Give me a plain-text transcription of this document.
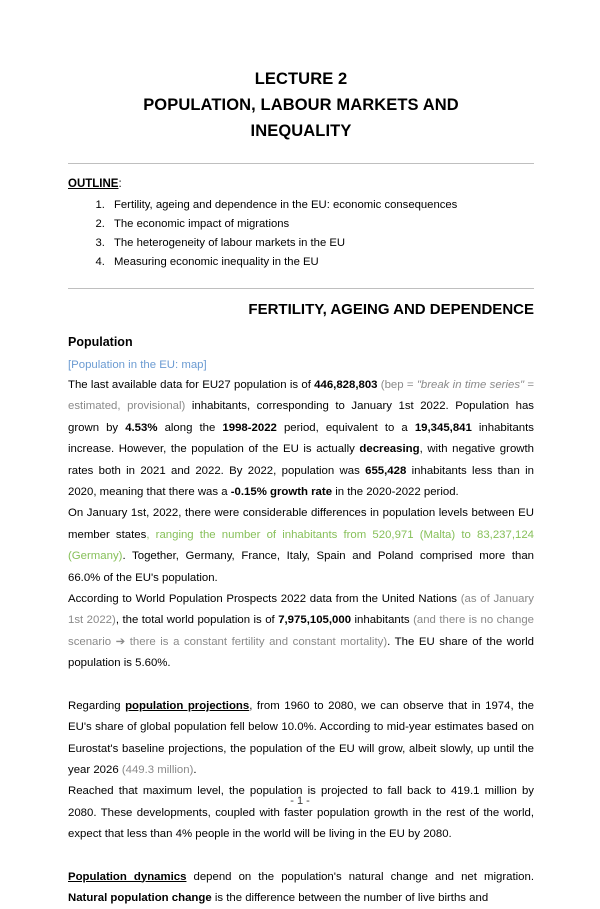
LECTURE 2
POPULATION, LABOUR MARKETS AND
INEQUALITY
OUTLINE:
1. Fertility, ageing and dependence in the EU: economic consequences
2. The economic impact of migrations
3. The heterogeneity of labour markets in the EU
4. Measuring economic inequality in the EU
FERTILITY, AGEING AND DEPENDENCE
Population
[Population in the EU: map]

The last available data for EU27 population is of 446,828,803 (bep = "break in time series" = estimated, provisional) inhabitants, corresponding to January 1st 2022. Population has grown by 4.53% along the 1998-2022 period, equivalent to a 19,345,841 inhabitants increase. However, the population of the EU is actually decreasing, with negative growth rates both in 2021 and 2022. By 2022, population was 655,428 inhabitants less than in 2020, meaning that there was a -0.15% growth rate in the 2020-2022 period.

On January 1st, 2022, there were considerable differences in population levels between EU member states, ranging the number of inhabitants from 520,971 (Malta) to 83,237,124 (Germany). Together, Germany, France, Italy, Spain and Poland comprised more than 66.0% of the EU's population.

According to World Population Prospects 2022 data from the United Nations (as of January 1st 2022), the total world population is of 7,975,105,000 inhabitants (and there is no change scenario ➔ there is a constant fertility and constant mortality). The EU share of the world population is 5.60%.

Regarding population projections, from 1960 to 2080, we can observe that in 1974, the EU's share of global population fell below 10.0%. According to mid-year estimates based on Eurostat's baseline projections, the population of the EU will grow, albeit slowly, up until the year 2026 (449.3 million).

Reached that maximum level, the population is projected to fall back to 419.1 million by 2080. These developments, coupled with faster population growth in the rest of the world, expect that less than 4% people in the world will be living in the EU by 2080.

Population dynamics depend on the population's natural change and net migration. Natural population change is the difference between the number of live births and

- 1 -
